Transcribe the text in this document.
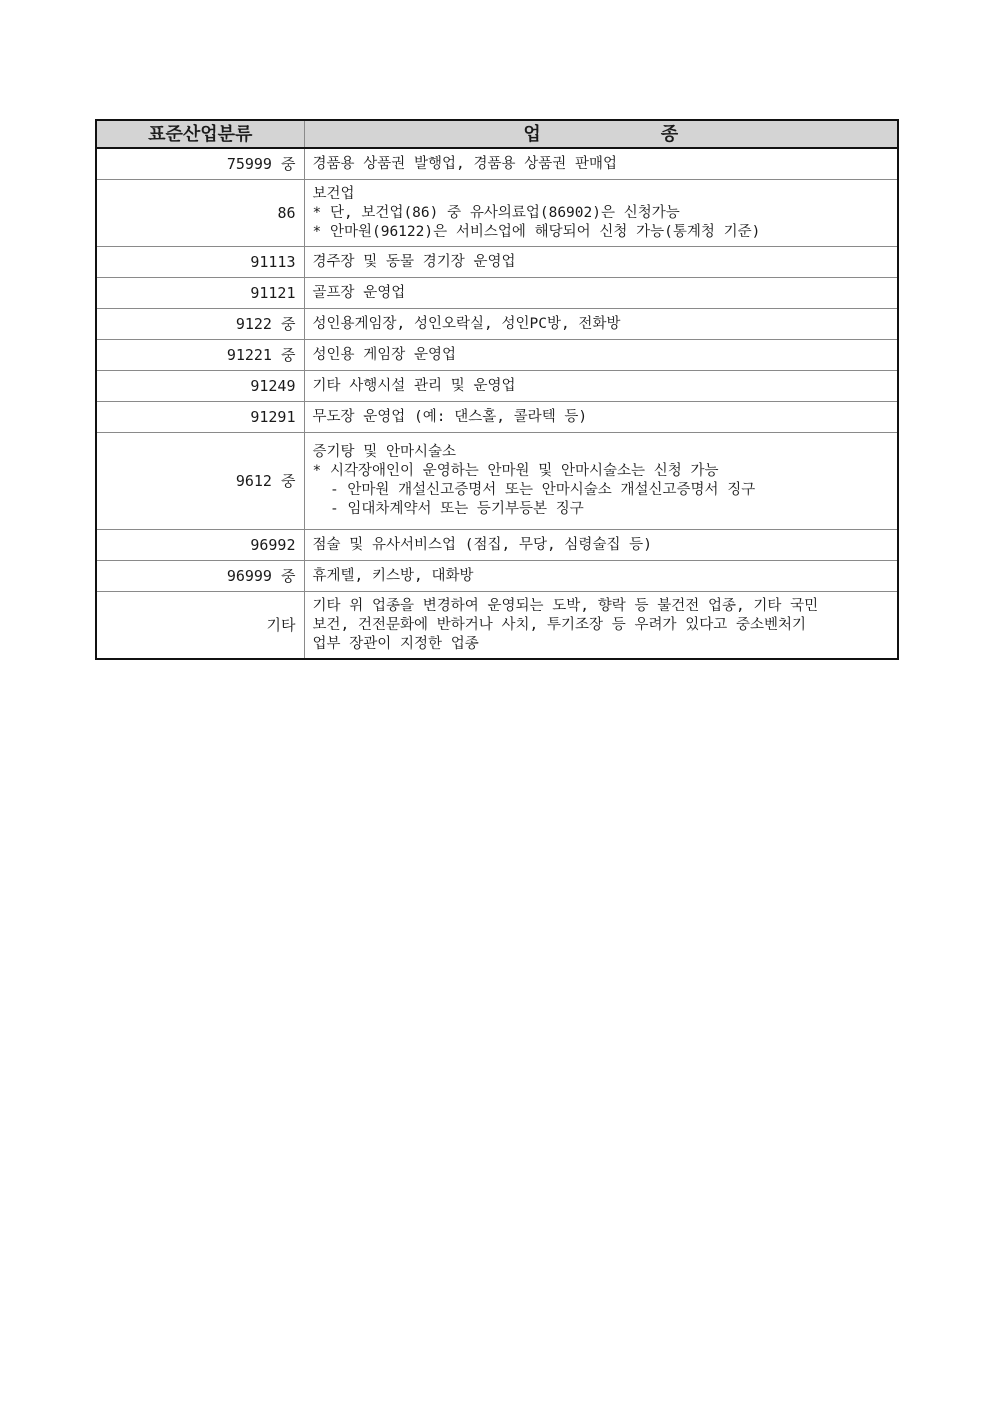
표준산업분류	업 종

75999 중	경품용 상품권 발행업, 경품용 상품권 판매업

86	보건업
* 단, 보건업(86) 중 유사의료업(86902)은 신청가능
* 안마원(96122)은 서비스업에 해당되어 신청 가능(통계청 기준)

91113	경주장 및 동물 경기장 운영업

91121	골프장 운영업

9122 중	성인용게임장, 성인오락실, 성인PC방, 전화방

91221 중	성인용 게임장 운영업

91249	기타 사행시설 관리 및 운영업

91291	무도장 운영업 (예: 댄스홀, 콜라텍 등)

9612 중	증기탕 및 안마시술소
* 시각장애인이 운영하는 안마원 및 안마시술소는 신청 가능
- 안마원 개설신고증명서 또는 안마시술소 개설신고증명서 징구
- 임대차계약서 또는 등기부등본 징구

96992	점술 및 유사서비스업 (점집, 무당, 심령술집 등)

96999 중	휴게텔, 키스방, 대화방

기타	기타 위 업종을 변경하여 운영되는 도박, 향락 등 불건전 업종, 기타 국민
보건, 건전문화에 반하거나 사치, 투기조장 등 우려가 있다고 중소벤처기
업부 장관이 지정한 업종
